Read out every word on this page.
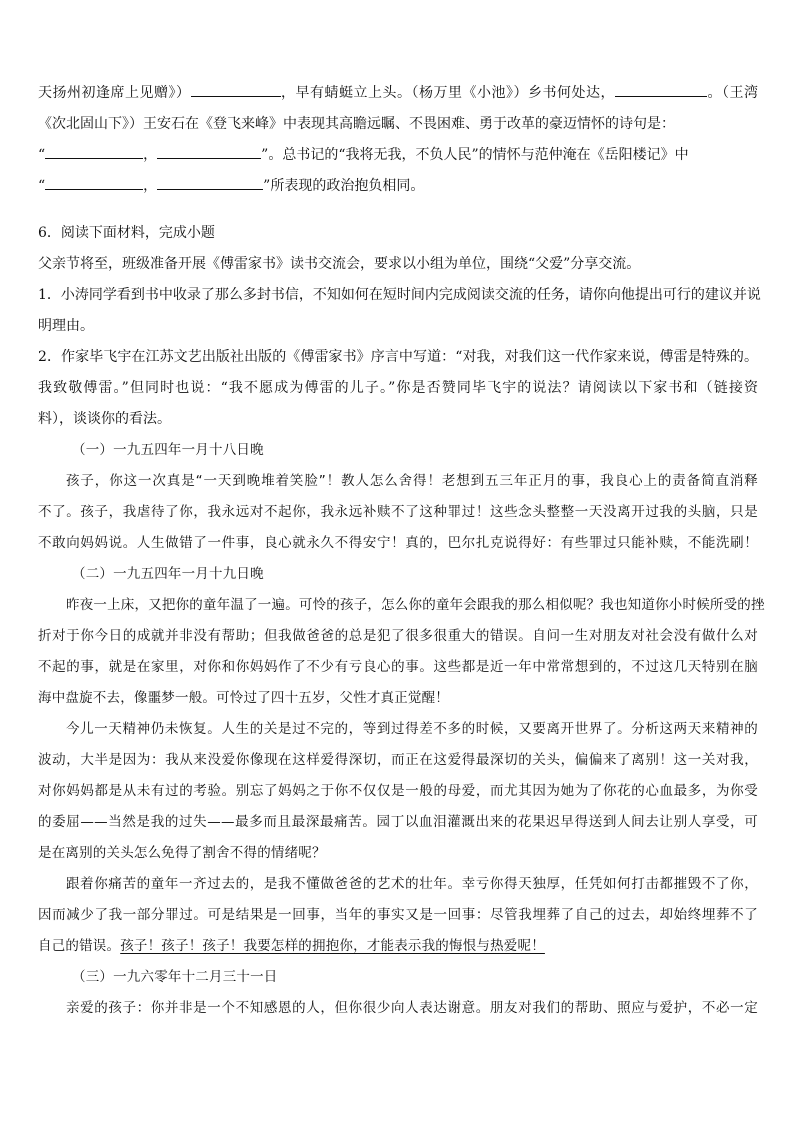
天扬州初逢席上见赠》）	，早有蜻蜓立上头。（杨万里《小池》）乡书何处达，	。（王湾
《次北固山下》）王安石在《登飞来峰》中表现其高瞻远瞩、不畏困难、勇于改革的豪迈情怀的诗句是：
“	，	”。总书记的“我将无我，不负人民”的情怀与范仲淹在《岳阳楼记》中
“	，	”所表现的政治抱负相同。
6．阅读下面材料，完成小题
父亲节将至，班级准备开展《傅雷家书》读书交流会，要求以小组为单位，围绕“父爱”分享交流。
1．小涛同学看到书中收录了那么多封书信，不知如何在短时间内完成阅读交流的任务，请你向他提出可行的建议并说
明理由。
2．作家毕飞宇在江苏文艺出版社出版的《傅雷家书》序言中写道：“对我，对我们这一代作家来说，傅雷是特殊的。
我致敬傅雷。”但同时也说：“我不愿成为傅雷的儿子。”你是否赞同毕飞宇的说法？请阅读以下家书和（链接资
料），谈谈你的看法。
（一）一九五四年一月十八日晚
孩子，你这一次真是“一天到晚堆着笑脸”！教人怎么舍得！老想到五三年正月的事，我良心上的责备简直消释
不了。孩子，我虐待了你，我永远对不起你，我永远补赎不了这种罪过！这些念头整整一天没离开过我的头脑，只是
不敢向妈妈说。人生做错了一件事，良心就永久不得安宁！真的，巴尔扎克说得好：有些罪过只能补赎，不能洗刷！
（二）一九五四年一月十九日晚
昨夜一上床，又把你的童年温了一遍。可怜的孩子，怎么你的童年会跟我的那么相似呢？我也知道你小时候所受的挫
折对于你今日的成就并非没有帮助；但我做爸爸的总是犯了很多很重大的错误。自问一生对朋友对社会没有做什么对
不起的事，就是在家里，对你和你妈妈作了不少有亏良心的事。这些都是近一年中常常想到的，不过这几天特别在脑
海中盘旋不去，像噩梦一般。可怜过了四十五岁，父性才真正觉醒！
今儿一天精神仍未恢复。人生的关是过不完的，等到过得差不多的时候，又要离开世界了。分析这两天来精神的
波动，大半是因为：我从来没爱你像现在这样爱得深切，而正在这爱得最深切的关头，偏偏来了离别！这一关对我，
对你妈妈都是从未有过的考验。别忘了妈妈之于你不仅仅是一般的母爱，而尤其因为她为了你花的心血最多，为你受
的委屈——当然是我的过失——最多而且最深最痛苦。园丁以血泪灌溉出来的花果迟早得送到人间去让别人享受，可
是在离别的关头怎么免得了割舍不得的情绪呢？
跟着你痛苦的童年一齐过去的，是我不懂做爸爸的艺术的壮年。幸亏你得天独厚，任凭如何打击都摧毁不了你，
因而减少了我一部分罪过。可是结果是一回事，当年的事实又是一回事：尽管我埋葬了自己的过去，却始终埋葬不了
自己的错误。孩子！孩子！孩子！我要怎样的拥抱你，才能表示我的悔恨与热爱呢！
（三）一九六零年十二月三十一日
亲爱的孩子：你并非是一个不知感恩的人，但你很少向人表达谢意。朋友对我们的帮助、照应与爱护，不必一定
